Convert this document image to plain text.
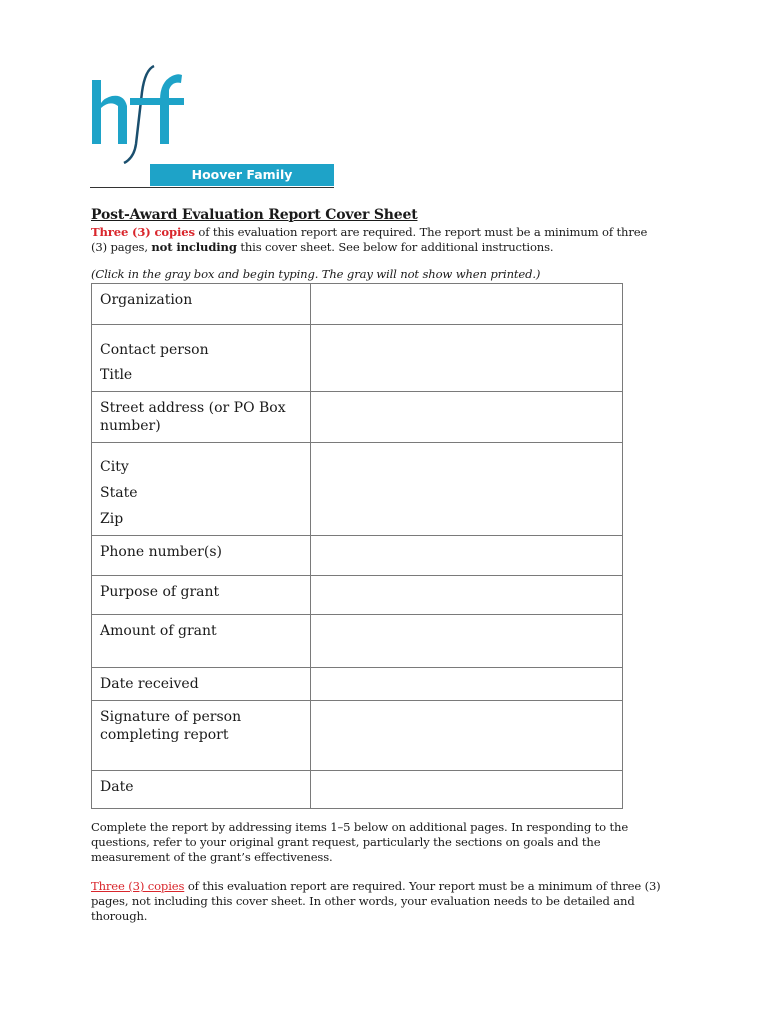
Hoover Family Foundation
Post-Award Evaluation Report Cover Sheet

Three (3) copies of this evaluation report are required. The report must be a minimum of three (3) pages, not including this cover sheet. See below for additional instructions.

(Click in the gray box and begin typing. The gray will not show when printed.)

Organization	

Contact person
Title	

Street address (or PO Box number)	

City
State
Zip	

Phone number(s)	

Purpose of grant	

Amount of grant	

Date received	

Signature of person completing report	

Date	

Complete the report by addressing items 1–5 below on additional pages. In responding to the questions, refer to your original grant request, particularly the sections on goals and the measurement of the grant’s effectiveness.

Three (3) copies of this evaluation report are required. Your report must be a minimum of three (3) pages, not including this cover sheet. In other words, your evaluation needs to be detailed and thorough.
